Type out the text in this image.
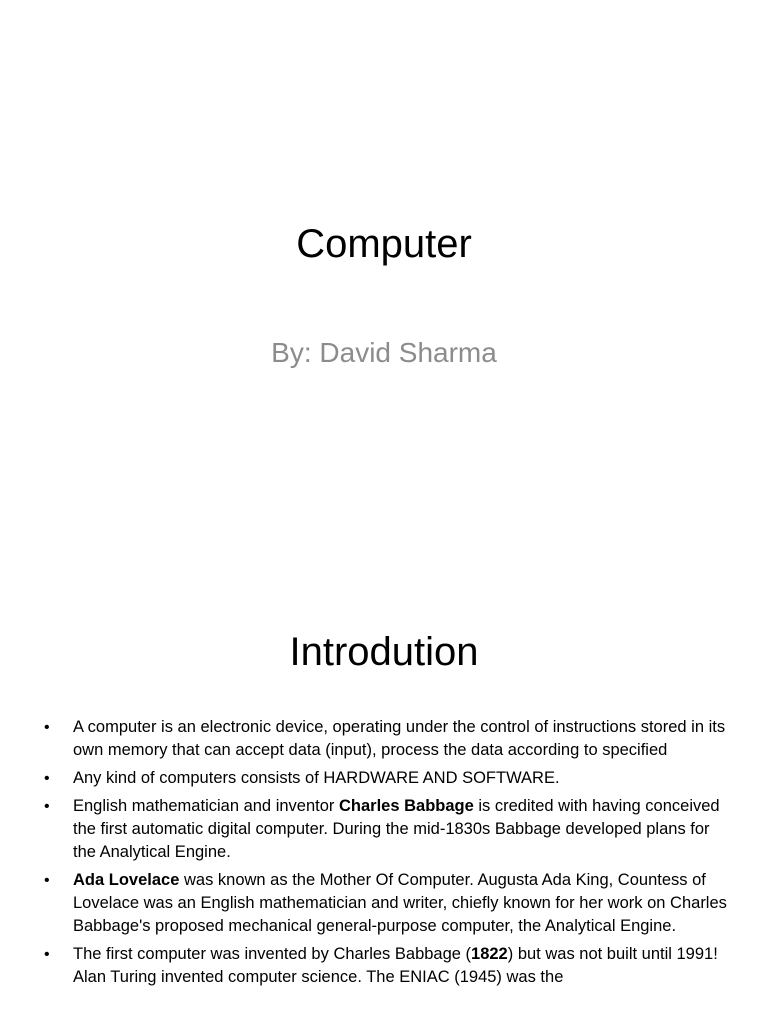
Computer
By: David Sharma
Introdution
• A computer is an electronic device, operating under the control of instructions stored in its own memory that can accept data (input), process the data according to specified
• Any kind of computers consists of HARDWARE AND SOFTWARE.
• English mathematician and inventor Charles Babbage is credited with having conceived the first automatic digital computer. During the mid-1830s Babbage developed plans for the Analytical Engine.
• Ada Lovelace was known as the Mother Of Computer. Augusta Ada King, Countess of Lovelace was an English mathematician and writer, chiefly known for her work on Charles Babbage's proposed mechanical general-purpose computer, the Analytical Engine.
• The first computer was invented by Charles Babbage (1822) but was not built until 1991! Alan Turing invented computer science. The ENIAC (1945) was the
